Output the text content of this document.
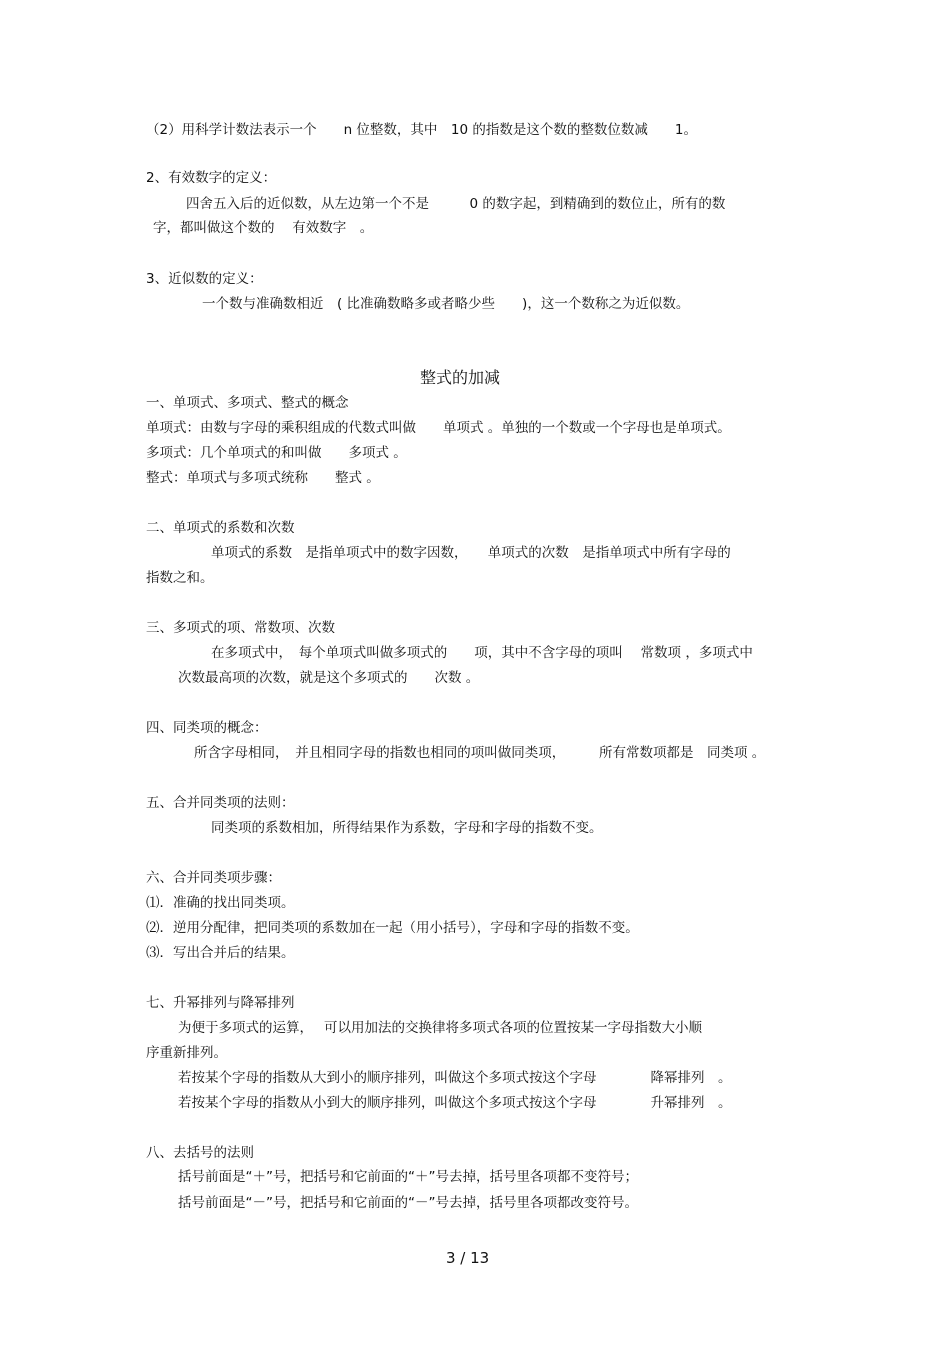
（2）用科学计数法表示一个　　n 位整数，其中　10 的指数是这个数的整数位数减　　1。
2、有效数字的定义：
四舍五入后的近似数，从左边第一个不是　　　0 的数字起，到精确到的数位止，所有的数
字，都叫做这个数的　 有效数字　。
3、近似数的定义：
一个数与准确数相近　( 比准确数略多或者略少些　　)，这一个数称之为近似数。
整式的加减
一、单项式、多项式、整式的概念
单项式：由数与字母的乘积组成的代数式叫做　　单项式 。单独的一个数或一个字母也是单项式。
多项式：几个单项式的和叫做　　多项式 。
整式：单项式与多项式统称　　整式 。
二、单项式的系数和次数
单项式的系数　是指单项式中的数字因数，　　单项式的次数　是指单项式中所有字母的
指数之和。
三、多项式的项、常数项、次数
在多项式中，　每个单项式叫做多项式的　　项，其中不含字母的项叫　 常数项 ，多项式中
次数最高项的次数，就是这个多项式的　　次数 。
四、同类项的概念：
所含字母相同，　并且相同字母的指数也相同的项叫做同类项，　　　所有常数项都是　同类项 。
五、合并同类项的法则：
同类项的系数相加，所得结果作为系数，字母和字母的指数不变。
六、合并同类项步骤：
⑴．准确的找出同类项。
⑵．逆用分配律，把同类项的系数加在一起（用小括号），字母和字母的指数不变。
⑶．写出合并后的结果。
七、升幂排列与降幂排列
为便于多项式的运算，　 可以用加法的交换律将多项式各项的位置按某一字母指数大小顺
序重新排列。
若按某个字母的指数从大到小的顺序排列，叫做这个多项式按这个字母　　　　降幂排列　。
若按某个字母的指数从小到大的顺序排列，叫做这个多项式按这个字母　　　　升幂排列　。
八、去括号的法则
括号前面是“＋”号，把括号和它前面的“＋”号去掉，括号里各项都不变符号；
括号前面是“－”号，把括号和它前面的“－”号去掉，括号里各项都改变符号。
3 / 13
